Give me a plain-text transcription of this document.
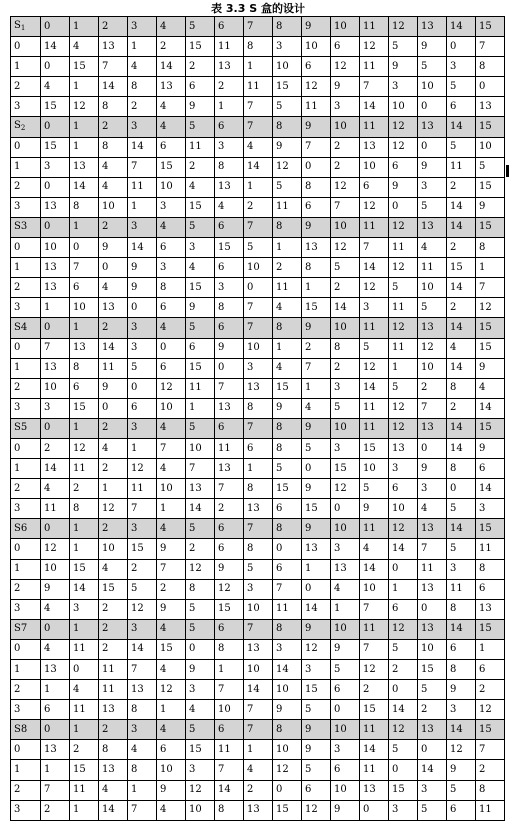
表 3.3 S 盒的设计
$S_1$	0	1	2	3	4	5	6	7	8	9	10	11	12	13	14	15
0	14	4	13	1	2	15	11	8	3	10	6	12	5	9	0	7
1	0	15	7	4	14	2	13	1	10	6	12	11	9	5	3	8
2	4	1	14	8	13	6	2	11	15	12	9	7	3	10	5	0
3	15	12	8	2	4	9	1	7	5	11	3	14	10	0	6	13
$S_2$	0	1	2	3	4	5	6	7	8	9	10	11	12	13	14	15
0	15	1	8	14	6	11	3	4	9	7	2	13	12	0	5	10
1	3	13	4	7	15	2	8	14	12	0	2	10	6	9	11	5
2	0	14	4	11	10	4	13	1	5	8	12	6	9	3	2	15
3	13	8	10	1	3	15	4	2	11	6	7	12	0	5	14	9
S3	0	1	2	3	4	5	6	7	8	9	10	11	12	13	14	15
0	10	0	9	14	6	3	15	5	1	13	12	7	11	4	2	8
1	13	7	0	9	3	4	6	10	2	8	5	14	12	11	15	1
2	13	6	4	9	8	15	3	0	11	1	2	12	5	10	14	7
3	1	10	13	0	6	9	8	7	4	15	14	3	11	5	2	12
S4	0	1	2	3	4	5	6	7	8	9	10	11	12	13	14	15
0	7	13	14	3	0	6	9	10	1	2	8	5	11	12	4	15
1	13	8	11	5	6	15	0	3	4	7	2	12	1	10	14	9
2	10	6	9	0	12	11	7	13	15	1	3	14	5	2	8	4
3	3	15	0	6	10	1	13	8	9	4	5	11	12	7	2	14
S5	0	1	2	3	4	5	6	7	8	9	10	11	12	13	14	15
0	2	12	4	1	7	10	11	6	8	5	3	15	13	0	14	9
1	14	11	2	12	4	7	13	1	5	0	15	10	3	9	8	6
2	4	2	1	11	10	13	7	8	15	9	12	5	6	3	0	14
3	11	8	12	7	1	14	2	13	6	15	0	9	10	4	5	3
S6	0	1	2	3	4	5	6	7	8	9	10	11	12	13	14	15
0	12	1	10	15	9	2	6	8	0	13	3	4	14	7	5	11
1	10	15	4	2	7	12	9	5	6	1	13	14	0	11	3	8
2	9	14	15	5	2	8	12	3	7	0	4	10	1	13	11	6
3	4	3	2	12	9	5	15	10	11	14	1	7	6	0	8	13
S7	0	1	2	3	4	5	6	7	8	9	10	11	12	13	14	15
0	4	11	2	14	15	0	8	13	3	12	9	7	5	10	6	1
1	13	0	11	7	4	9	1	10	14	3	5	12	2	15	8	6
2	1	4	11	13	12	3	7	14	10	15	6	2	0	5	9	2
3	6	11	13	8	1	4	10	7	9	5	0	15	14	2	3	12
S8	0	1	2	3	4	5	6	7	8	9	10	11	12	13	14	15
0	13	2	8	4	6	15	11	1	10	9	3	14	5	0	12	7
1	1	15	13	8	10	3	7	4	12	5	6	11	0	14	9	2
2	7	11	4	1	9	12	14	2	0	6	10	13	15	3	5	8
3	2	1	14	7	4	10	8	13	15	12	9	0	3	5	6	11
